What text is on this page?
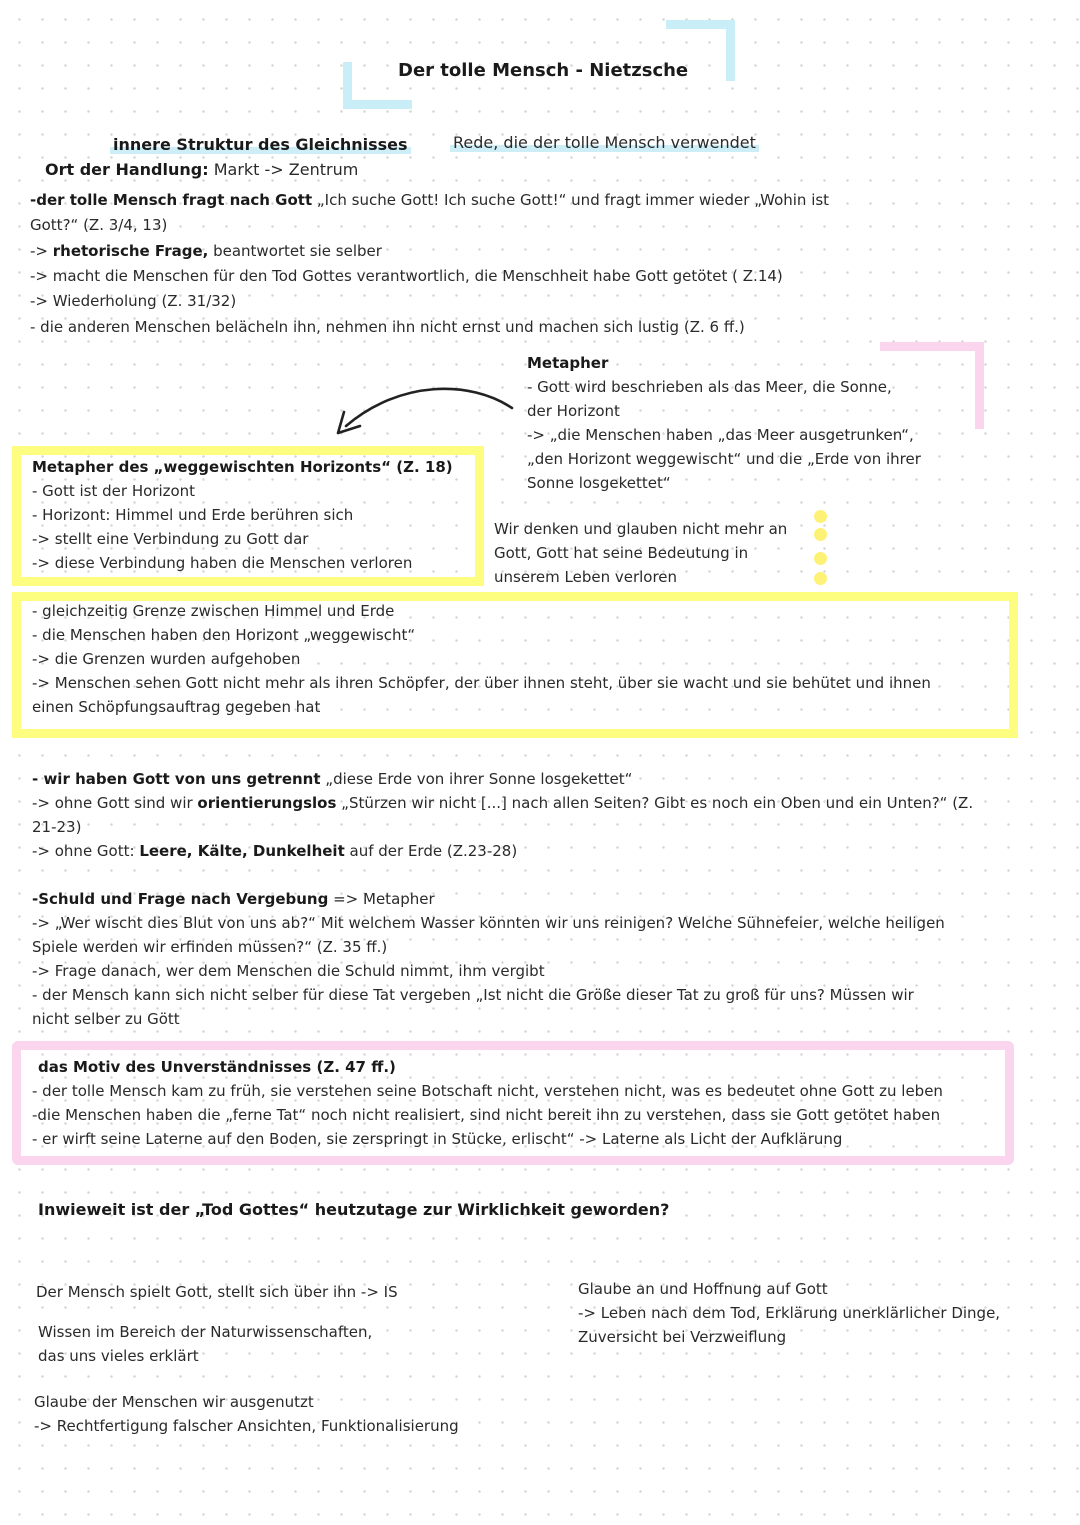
Der tolle Mensch - Nietzsche
innere Struktur des Gleichnisses	Rede, die der tolle Mensch verwendet
Ort der Handlung: Markt -> Zentrum
-der tolle Mensch fragt nach Gott „Ich suche Gott! Ich suche Gott!“ und fragt immer wieder „Wohin ist
Gott?“ (Z. 3/4, 13)
-> rhetorische Frage, beantwortet sie selber
-> macht die Menschen für den Tod Gottes verantwortlich, die Menschheit habe Gott getötet ( Z.14)
-> Wiederholung (Z. 31/32)
- die anderen Menschen belächeln ihn, nehmen ihn nicht ernst und machen sich lustig (Z. 6 ff.)
Metapher
- Gott wird beschrieben als das Meer, die Sonne,
der Horizont
-> „die Menschen haben „das Meer ausgetrunken“,
„den Horizont weggewischt“ und die „Erde von ihrer
Sonne losgekettet“
Metapher des „weggewischten Horizonts“ (Z. 18)
- Gott ist der Horizont
- Horizont: Himmel und Erde berühren sich
-> stellt eine Verbindung zu Gott dar
-> diese Verbindung haben die Menschen verloren
Wir denken und glauben nicht mehr an
Gott, Gott hat seine Bedeutung in
unserem Leben verloren
- gleichzeitig Grenze zwischen Himmel und Erde
- die Menschen haben den Horizont „weggewischt“
-> die Grenzen wurden aufgehoben
-> Menschen sehen Gott nicht mehr als ihren Schöpfer, der über ihnen steht, über sie wacht und sie behütet und ihnen
einen Schöpfungsauftrag gegeben hat
- wir haben Gott von uns getrennt „diese Erde von ihrer Sonne losgekettet“
-> ohne Gott sind wir orientierungslos „Stürzen wir nicht [...] nach allen Seiten? Gibt es noch ein Oben und ein Unten?“ (Z.
21-23)
-> ohne Gott: Leere, Kälte, Dunkelheit auf der Erde (Z.23-28)
-Schuld und Frage nach Vergebung => Metapher
-> „Wer wischt dies Blut von uns ab?“ Mit welchem Wasser könnten wir uns reinigen? Welche Sühnefeier, welche heiligen
Spiele werden wir erfinden müssen?“ (Z. 35 ff.)
-> Frage danach, wer dem Menschen die Schuld nimmt, ihm vergibt
- der Mensch kann sich nicht selber für diese Tat vergeben „Ist nicht die Größe dieser Tat zu groß für uns? Müssen wir
nicht selber zu Gött
das Motiv des Unverständnisses (Z. 47 ff.)
- der tolle Mensch kam zu früh, sie verstehen seine Botschaft nicht, verstehen nicht, was es bedeutet ohne Gott zu leben
-die Menschen haben die „ferne Tat“ noch nicht realisiert, sind nicht bereit ihn zu verstehen, dass sie Gott getötet haben
- er wirft seine Laterne auf den Boden, sie zerspringt in Stücke, erlischt“ -> Laterne als Licht der Aufklärung
Inwieweit ist der „Tod Gottes“ heutzutage zur Wirklichkeit geworden?
Der Mensch spielt Gott, stellt sich über ihn -> IS
Wissen im Bereich der Naturwissenschaften,
das uns vieles erklärt
Glaube der Menschen wir ausgenutzt
-> Rechtfertigung falscher Ansichten, Funktionalisierung
Glaube an und Hoffnung auf Gott
-> Leben nach dem Tod, Erklärung unerklärlicher Dinge,
Zuversicht bei Verzweiflung
